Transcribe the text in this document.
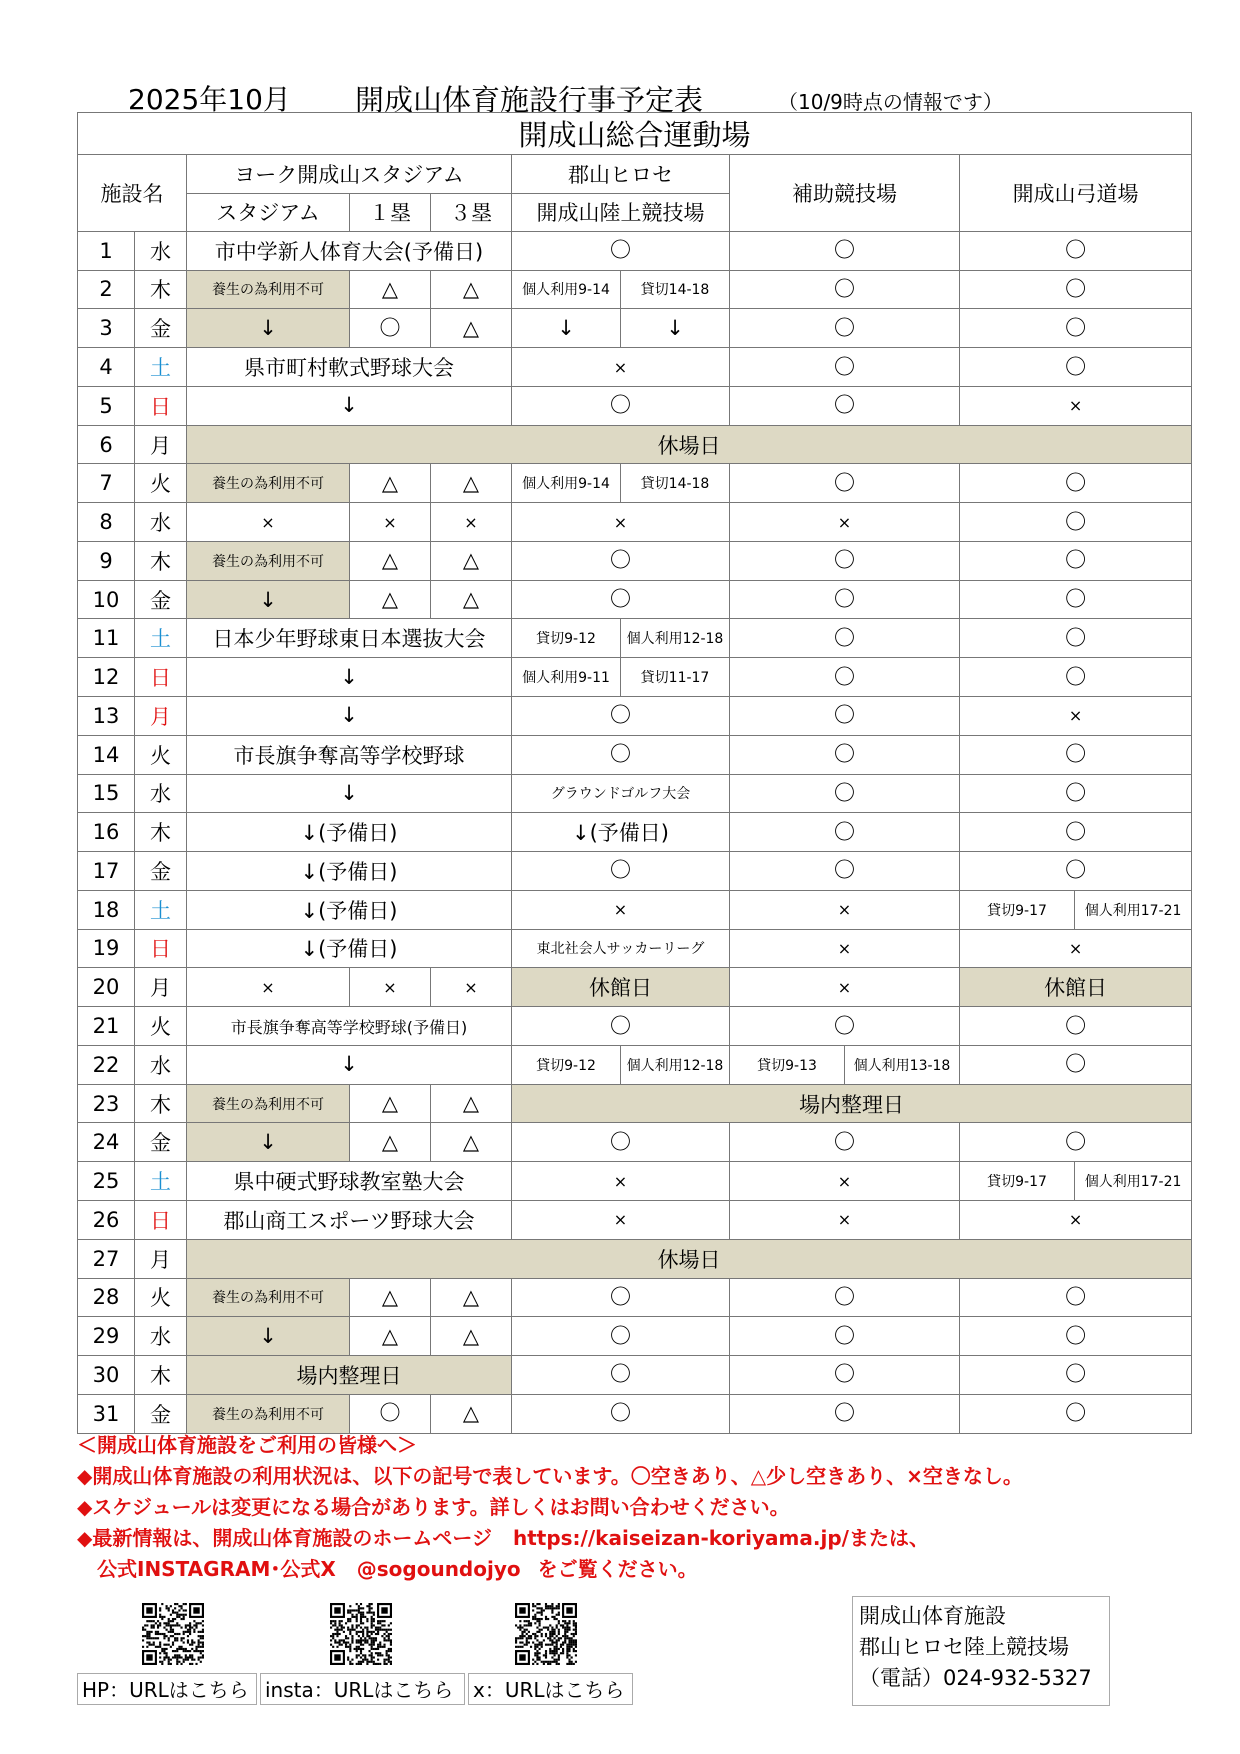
2025年10月 開成山体育施設行事予定表	（10/9時点の情報です）
開成山総合運動場										
施設名		ヨーク開成山スタジアム			郡山ヒロセ		補助競技場		開成山弓道場	
		スタジアム	１塁	３塁	開成山陸上競技場					
1	水	市中学新人体育大会(予備日)			〇		〇		〇	
2	木	養生の為利用不可	△	△	個人利用9-14	貸切14-18	〇		〇	
3	金	↓	〇	△	↓	↓	〇		〇	
4	土	県市町村軟式野球大会			×		〇		〇	
5	日	↓			〇		〇		×	
6	月	休場日								
7	火	養生の為利用不可	△	△	個人利用9-14	貸切14-18	〇		〇	
8	水	×	×	×	×		×		〇	
9	木	養生の為利用不可	△	△	〇		〇		〇	
10	金	↓	△	△	〇		〇		〇	
11	土	日本少年野球東日本選抜大会			貸切9-12	個人利用12-18	〇		〇	
12	日	↓			個人利用9-11	貸切11-17	〇		〇	
13	月	↓			〇		〇		×	
14	火	市長旗争奪高等学校野球			〇		〇		〇	
15	水	↓			グラウンドゴルフ大会		〇		〇	
16	木	↓(予備日)			↓(予備日)		〇		〇	
17	金	↓(予備日)			〇		〇		〇	
18	土	↓(予備日)			×		×		貸切9-17	個人利用17-21
19	日	↓(予備日)			東北社会人サッカーリーグ		×		×	
20	月	×	×	×	休館日		×		休館日	
21	火	市長旗争奪高等学校野球(予備日)			〇		〇		〇	
22	水	↓			貸切9-12	個人利用12-18	貸切9-13	個人利用13-18	〇	
23	木	養生の為利用不可	△	△	場内整理日					
24	金	↓	△	△	〇		〇		〇	
25	土	県中硬式野球教室塾大会			×		×		貸切9-17	個人利用17-21
26	日	郡山商工スポーツ野球大会			×		×		×	
27	月	休場日								
28	火	養生の為利用不可	△	△	〇		〇		〇	
29	水	↓	△	△	〇		〇		〇	
30	木	場内整理日			〇		〇		〇	
31	金	養生の為利用不可	〇	△	〇		〇		〇	
＜開成山体育施設をご利用の皆様へ＞
◆開成山体育施設の利用状況は、以下の記号で表しています。〇空きあり、△少し空きあり、×空きなし。
◆スケジュールは変更になる場合があります。詳しくはお問い合わせください。
◆最新情報は、開成山体育施設のホームページ https://kaiseizan-koriyama.jp/または、
公式INSTAGRAM･公式X @sogoundojyo をご覧ください。
HP：URLはこちら insta：URLはこちら x：URLはこちら
開成山体育施設
郡山ヒロセ陸上競技場
（電話）024-932-5327
